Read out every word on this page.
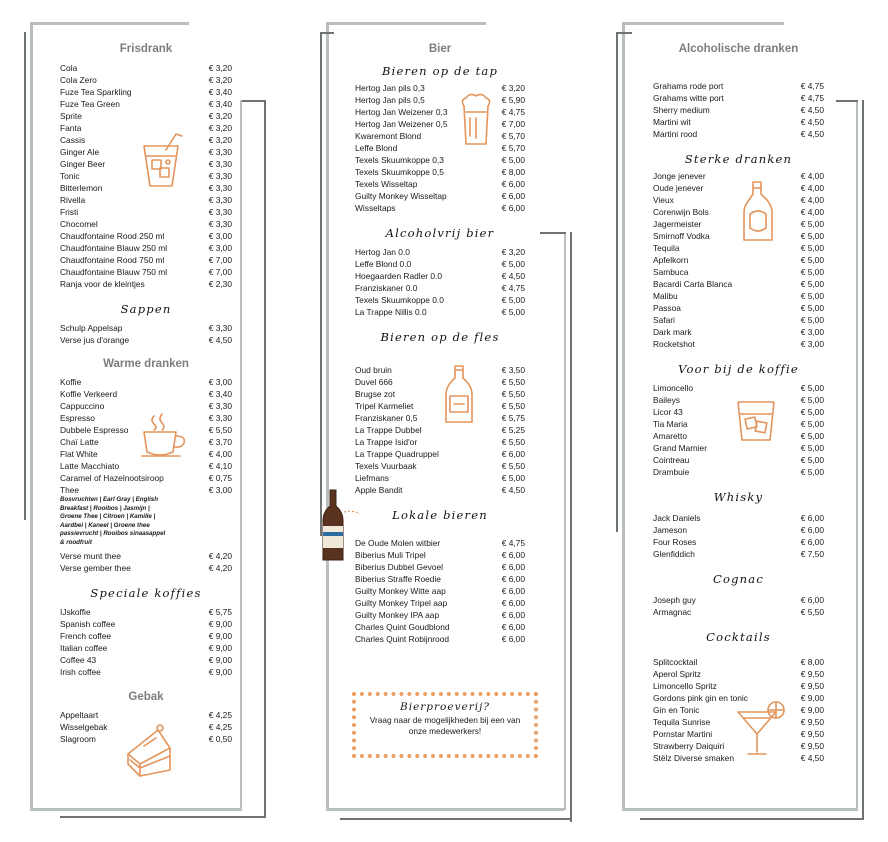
Frisdrank
Cola	€ 3,20
Cola Zero	€ 3,20
Fuze Tea Sparkling	€ 3,40
Fuze Tea Green	€ 3,40
Sprite	€ 3,20
Fanta	€ 3,20
Cassis	€ 3,20
Ginger Ale	€ 3,30
Ginger Beer	€ 3,30
Tonic	€ 3,30
Bitterlemon	€ 3,30
Rivella	€ 3,30
Fristi	€ 3,30
Chocomel	€ 3,30
Chaudfontaine Rood 250 ml	€ 3,00
Chaudfontaine Blauw 250 ml	€ 3,00
Chaudfontaine Rood 750 ml	€ 7,00
Chaudfontaine Blauw 750 ml	€ 7,00
Ranja voor de kleintjes	€ 2,30
Sappen
Schulp Appelsap	€ 3,30
Verse jus d'orange	€ 4,50
Warme dranken
Koffie	€ 3,00
Koffie Verkeerd	€ 3,40
Cappuccino	€ 3,30
Espresso	€ 3,30
Dubbele Espresso	€ 5,50
Chaï Latte	€ 3,70
Flat White	€ 4,00
Latte Macchiato	€ 4,10
Caramel of Hazelnootsiroop	€ 0,75
Thee	€ 3,00
Bosvruchten | Earl Gray | English Breakfast | Rooibos | Jasmijn | Groene Thee | Citroen | Kamille | Aardbei | Kaneel | Groene thee passievrucht | Rooibos sinaasappel & roodfruit
Verse munt thee	€ 4,20
Verse gember thee	€ 4,20
Speciale koffies
IJskoffie	€ 5,75
Spanish coffee	€ 9,00
French coffee	€ 9,00
Italian coffee	€ 9,00
Coffee 43	€ 9,00
Irish coffee	€ 9,00
Gebak
Appeltaart	€ 4,25
Wisselgebak	€ 4,25
Slagroom	€ 0,50
Bier
Bieren op de tap
Hertog Jan pils 0,3	€ 3,20
Hertog Jan pils 0,5	€ 5,90
Hertog Jan Weizener 0,3	€ 4,75
Hertog Jan Weizener 0,5	€ 7,00
Kwaremont Blond	€ 5,70
Leffe Blond	€ 5,70
Texels Skuumkoppe 0,3	€ 5,00
Texels Skuumkoppe 0,5	€ 8,00
Texels Wisseltap	€ 6,00
Guilty Monkey Wisseltap	€ 6,00
Wisseltaps	€ 6,00
Alcoholvrij bier
Hertog Jan 0.0	€ 3,20
Leffe Blond 0.0	€ 5,00
Hoegaarden Radler 0.0	€ 4,50
Franziskaner 0.0	€ 4,75
Texels Skuumkoppe 0.0	€ 5,00
La Trappe Nillis 0.0	€ 5,00
Bieren op de fles
Oud bruin	€ 3,50
Duvel 666	€ 5,50
Brugse zot	€ 5,50
Tripel Karmeliet	€ 5,50
Franziskaner 0,5	€ 5,75
La Trappe Dubbel	€ 5,25
La Trappe Isid'or	€ 5,50
La Trappe Quadruppel	€ 6,00
Texels Vuurbaak	€ 5,50
Liefmans	€ 5,00
Apple Bandit	€ 4,50
Lokale bieren
De Oude Molen witbier	€ 4,75
Biberius Muli Tripel	€ 6,00
Biberius Dubbel Gevoel	€ 6,00
Biberius Straffe Roedie	€ 6,00
Guilty Monkey Witte aap	€ 6,00
Guilty Monkey Tripel aap	€ 6,00
Guilty Monkey IPA aap	€ 6,00
Charles Quint Goudblond	€ 6,00
Charles Quint Robijnrood	€ 6,00
Bierproeverij?
Vraag naar de mogelijkheden bij een van onze medewerkers!
Alcoholische dranken
Grahams rode port	€ 4,75
Grahams witte port	€ 4,75
Sherry medium	€ 4,50
Martini wit	€ 4,50
Martini rood	€ 4,50
Sterke dranken
Jonge jenever	€ 4,00
Oude jenever	€ 4,00
Vieux	€ 4,00
Corenwijn Bols	€ 4,00
Jagermeister	€ 5,00
Smirnoff Vodka	€ 5,00
Tequila	€ 5,00
Apfelkorn	€ 5,00
Sambuca	€ 5,00
Bacardi Carta Blanca	€ 5,00
Malibu	€ 5,00
Passoa	€ 5,00
Safari	€ 5,00
Dark mark	€ 3,00
Rocketshot	€ 3,00
Voor bij de koffie
Limoncello	€ 5,00
Baileys	€ 5,00
Licor 43	€ 5,00
Tia Maria	€ 5,00
Amaretto	€ 5,00
Grand Marnier	€ 5,00
Cointreau	€ 5,00
Drambuie	€ 5,00
Whisky
Jack Daniels	€ 6,00
Jameson	€ 6,00
Four Roses	€ 6,00
Glenfiddich	€ 7,50
Cognac
Joseph guy	€ 6,00
Armagnac	€ 5,50
Cocktails
Splitcocktail	€ 8,00
Aperol Spritz	€ 9,50
Limoncello Spritz	€ 9,50
Gordons pink gin en tonic	€ 9,00
Gin en Tonic	€ 9,00
Tequila Sunrise	€ 9,50
Pornstar Martini	€ 9,50
Strawberry Daiquiri	€ 9,50
Stëlz Diverse smaken	€ 4,50
